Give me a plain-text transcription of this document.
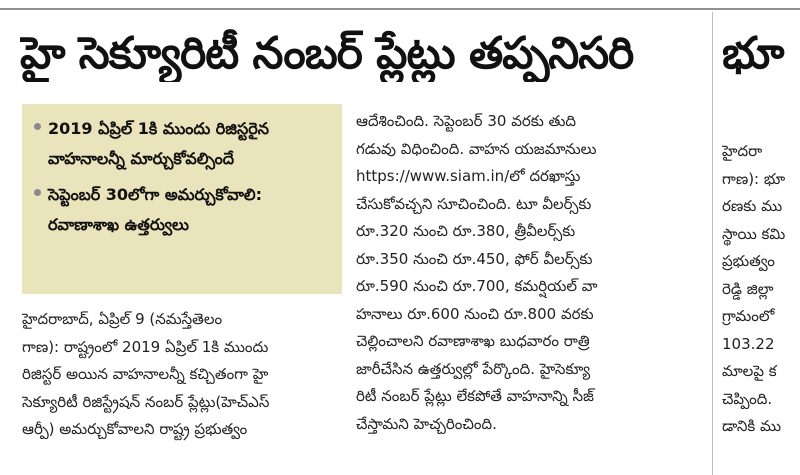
హై సెక్యూరిటీ నంబర్ ప్లేట్లు తప్పనిసరి	భూ
2019 ఏప్రిల్ 1కి ముందు రిజిస్టరైన వాహనాలన్నీ మార్చుకోవల్సిందే
సెప్టెంబర్ 30లోగా అమర్చుకోవాలి: రవాణాశాఖ ఉత్తర్వులు
హైదరాబాద్, ఏప్రిల్ 9 (నమస్తేతెలం
గాణ): రాష్ట్రంలో 2019 ఏప్రిల్ 1కి ముందు
రిజిస్టర్ అయిన వాహనాలన్నీ కచ్చితంగా హై
సెక్యూరిటీ రిజిస్ట్రేషన్ నంబర్ ప్లేట్లు(హెచ్ఎస్
ఆర్పీ) అమర్చుకోవాలని రాష్ట్ర ప్రభుత్వం
ఆదేశించింది. సెప్టెంబర్ 30 వరకు తుది
గడువు విధించింది. వాహన యజమానులు
https://www.siam.in/లో దరఖాస్తు
చేసుకోవచ్చని సూచించింది. టూ వీలర్స్‌కు
రూ.320 నుంచి రూ.380, త్రీవీలర్స్‌కు
రూ.350 నుంచి రూ.450, ఫోర్ వీలర్స్‌కు
రూ.590 నుంచి రూ.700, కమర్షియల్ వా
హనాలు రూ.600 నుంచి రూ.800 వరకు
చెల్లించాలని రవాణాశాఖ బుధవారం రాత్రి
జారీచేసిన ఉత్తర్వుల్లో పేర్కొంది. హైసెక్యూ
రిటీ నంబర్ ప్లేట్లు లేకపోతే వాహనాన్ని సీజ్
చేస్తామని హెచ్చరించింది.
హైదరా
గాణ): భూ
రణకు ము
స్థాయి కమి
ప్రభుత్వం
రెడ్డి జిల్లా
గ్రామంలో
103.22
మాలపై క
చెప్పింది.
డానికి ము
